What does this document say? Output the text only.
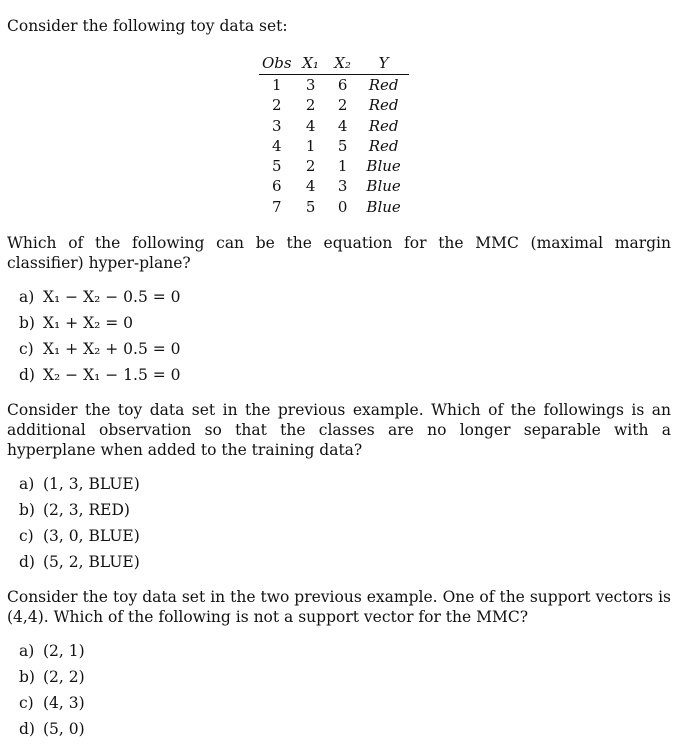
Consider the following toy data set:
Obs	X₁	X₂	Y
1	3	6	Red
2	2	2	Red
3	4	4	Red
4	1	5	Red
5	2	1	Blue
6	4	3	Blue
7	5	0	Blue
Which of the following can be the equation for the MMC (maximal margin classifier) hyper-plane?
a) X₁ − X₂ − 0.5 = 0
b) X₁ + X₂ = 0
c) X₁ + X₂ + 0.5 = 0
d) X₂ − X₁ − 1.5 = 0
Consider the toy data set in the previous example. Which of the followings is an additional observation so that the classes are no longer separable with a hyperplane when added to the training data?
a) (1, 3, BLUE)
b) (2, 3, RED)
c) (3, 0, BLUE)
d) (5, 2, BLUE)
Consider the toy data set in the two previous example. One of the support vectors is (4,4). Which of the following is not a support vector for the MMC?
a) (2, 1)
b) (2, 2)
c) (4, 3)
d) (5, 0)
